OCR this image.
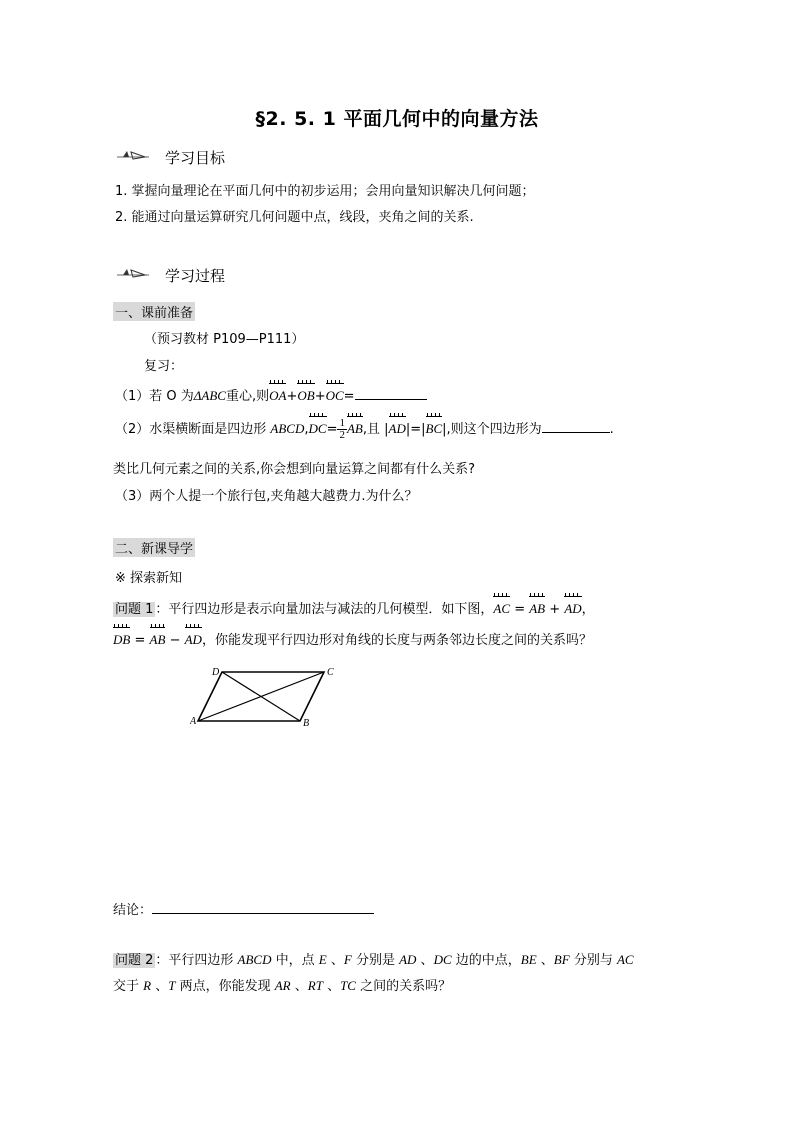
§2. 5. 1 平面几何中的向量方法
学习目标
1. 掌握向量理论在平面几何中的初步运用；会用向量知识解决几何问题；
2. 能通过向量运算研究几何问题中点，线段，夹角之间的关系.
学习过程
一、课前准备
（预习教材 P109—P111）
复习：
（1）若 O 为ΔABC重心,则OA+OB+OC=
（2）水渠横断面是四边形 ABCD,DC= $\frac{1}{2}$ AB,且 |AD|=|BC|,则这个四边形为	.
类比几何元素之间的关系,你会想到向量运算之间都有什么关系?
（3）两个人提一个旅行包,夹角越大越费力.为什么？
二、新课导学
※ 探索新知
问题 1 ：平行四边形是表示向量加法与减法的几何模型．如下图，AC = AB + AD，
DB = AB − AD，你能发现平行四边形对角线的长度与两条邻边长度之间的关系吗？
D	C
A	B
结论：
问题 2 ：平行四边形 ABCD 中，点 E 、F 分别是 AD 、DC 边的中点，BE 、BF 分别与 AC
交于 R 、T 两点，你能发现 AR 、RT 、TC 之间的关系吗？
